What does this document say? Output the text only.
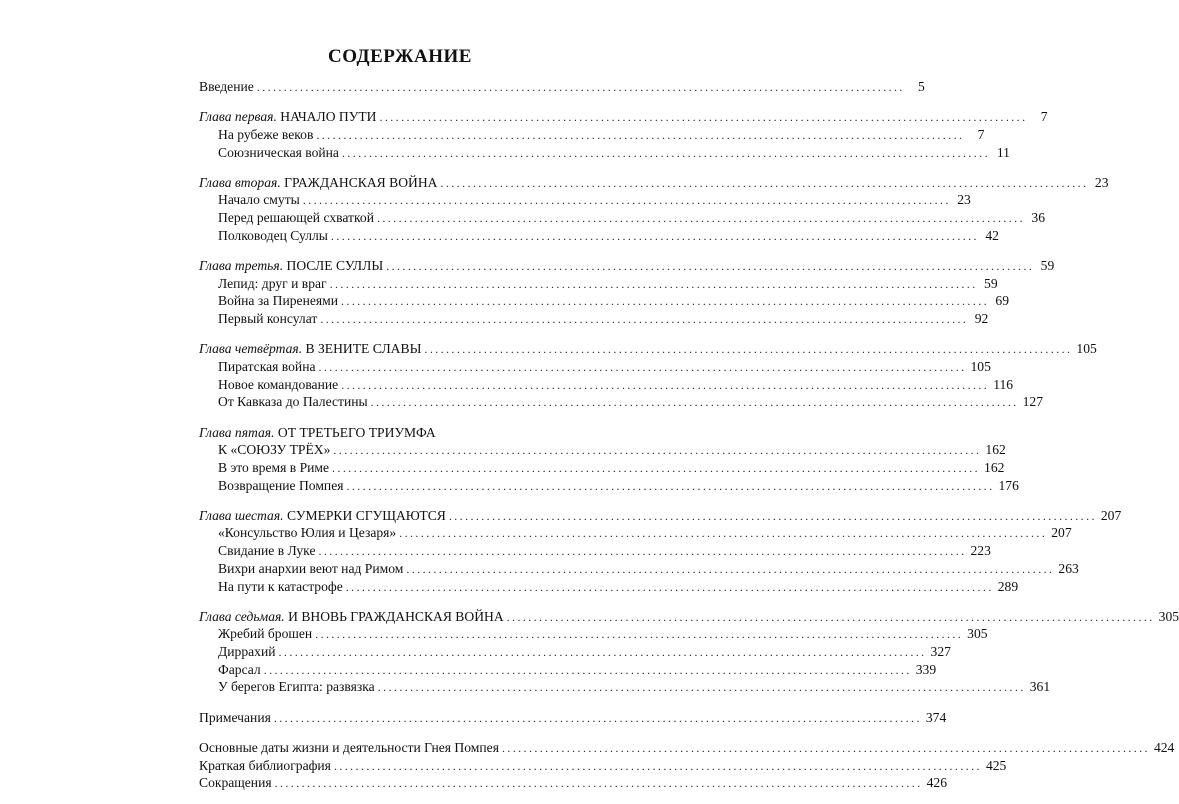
СОДЕРЖАНИЕ
Введение ........................................................................................................................ 5
Глава первая. НАЧАЛО ПУТИ ........................................................................................................................ 7
На рубеже веков ........................................................................................................................ 7
Союзническая война ........................................................................................................................ 11
Глава вторая. ГРАЖДАНСКАЯ ВОЙНА ........................................................................................................................ 23
Начало смуты ........................................................................................................................ 23
Перед решающей схваткой ........................................................................................................................ 36
Полководец Суллы ........................................................................................................................ 42
Глава третья. ПОСЛЕ СУЛЛЫ ........................................................................................................................ 59
Лепид: друг и враг ........................................................................................................................ 59
Война за Пиренеями ........................................................................................................................ 69
Первый консулат ........................................................................................................................ 92
Глава четвёртая. В ЗЕНИТЕ СЛАВЫ ........................................................................................................................ 105
Пиратская война ........................................................................................................................ 105
Новое командование ........................................................................................................................ 116
От Кавказа до Палестины ........................................................................................................................ 127
Глава пятая. ОТ ТРЕТЬЕГО ТРИУМФА
К «СОЮЗУ ТРЁХ» ........................................................................................................................ 162
В это время в Риме ........................................................................................................................ 162
Возвращение Помпея ........................................................................................................................ 176
Глава шестая. СУМЕРКИ СГУЩАЮТСЯ ........................................................................................................................ 207
«Консульство Юлия и Цезаря» ........................................................................................................................ 207
Свидание в Луке ........................................................................................................................ 223
Вихри анархии веют над Римом ........................................................................................................................ 263
На пути к катастрофе ........................................................................................................................ 289
Глава седьмая. И ВНОВЬ ГРАЖДАНСКАЯ ВОЙНА ........................................................................................................................ 305
Жребий брошен ........................................................................................................................ 305
Диррахий ........................................................................................................................ 327
Фарсал ........................................................................................................................ 339
У берегов Египта: развязка ........................................................................................................................ 361
Примечания ........................................................................................................................ 374
Основные даты жизни и деятельности Гнея Помпея ........................................................................................................................ 424
Краткая библиография ........................................................................................................................ 425
Сокращения ........................................................................................................................ 426
